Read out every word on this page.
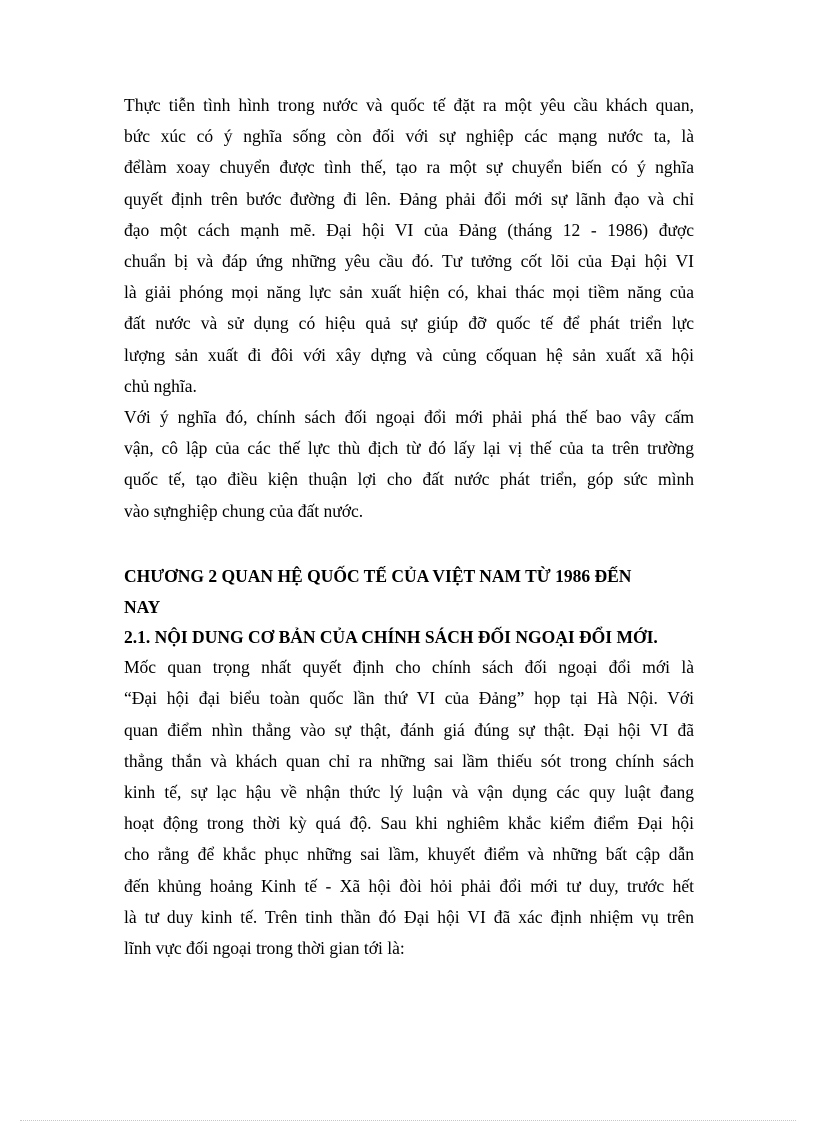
Thực tiễn tình hình trong nước và quốc tế đặt ra một yêu cầu khách quan,
bức xúc có ý nghĩa sống còn đối với sự nghiệp các mạng nước ta, là
đểlàm xoay chuyển được tình thế, tạo ra một sự chuyển biến có ý nghĩa
quyết định trên bước đường đi lên. Đảng phải đổi mới sự lãnh đạo và chỉ
đạo một cách mạnh mẽ. Đại hội VI của Đảng (tháng 12 - 1986) được
chuẩn bị và đáp ứng những yêu cầu đó. Tư tưởng cốt lõi của Đại hội VI
là giải phóng mọi năng lực sản xuất hiện có, khai thác mọi tiềm năng của
đất nước và sử dụng có hiệu quả sự giúp đỡ quốc tế để phát triển lực
lượng sản xuất đi đôi với xây dựng và củng cốquan hệ sản xuất xã hội
chủ nghĩa.

Với ý nghĩa đó, chính sách đối ngoại đổi mới phải phá thế bao vây cấm
vận, cô lập của các thế lực thù địch từ đó lấy lại vị thế của ta trên trường
quốc tế, tạo điều kiện thuận lợi cho đất nước phát triển, góp sức mình
vào sựnghiệp chung của đất nước.

CHƯƠNG 2 QUAN HỆ QUỐC TẾ CỦA VIỆT NAM TỪ 1986 ĐẾN
NAY
2.1. NỘI DUNG CƠ BẢN CỦA CHÍNH SÁCH ĐỐI NGOẠI ĐỔI MỚI.

Mốc quan trọng nhất quyết định cho chính sách đối ngoại đổi mới là
“Đại hội đại biểu toàn quốc lần thứ VI của Đảng” họp tại Hà Nội. Với
quan điểm nhìn thẳng vào sự thật, đánh giá đúng sự thật. Đại hội VI đã
thẳng thắn và khách quan chỉ ra những sai lầm thiếu sót trong chính sách
kinh tế, sự lạc hậu về nhận thức lý luận và vận dụng các quy luật đang
hoạt động trong thời kỳ quá độ. Sau khi nghiêm khắc kiểm điểm Đại hội
cho rằng để khắc phục những sai lầm, khuyết điểm và những bất cập dẫn
đến khủng hoảng Kinh tế - Xã hội đòi hỏi phải đổi mới tư duy, trước hết
là tư duy kinh tế. Trên tinh thần đó Đại hội VI đã xác định nhiệm vụ trên
lĩnh vực đối ngoại trong thời gian tới là:
